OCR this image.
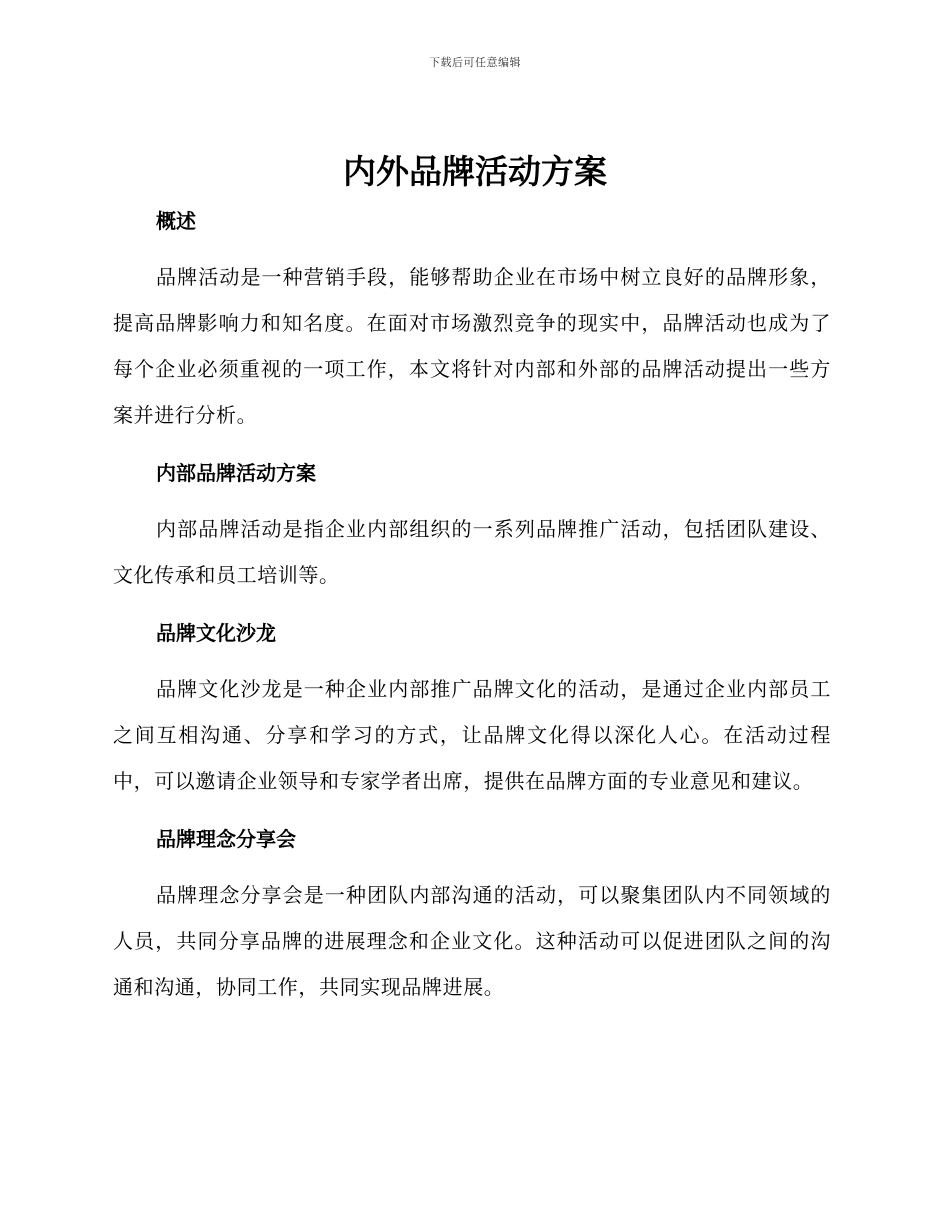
下载后可任意编辑
内外品牌活动方案
概述

品牌活动是一种营销手段，能够帮助企业在市场中树立良好的品牌形象，提高品牌影响力和知名度。在面对市场激烈竞争的现实中，品牌活动也成为了每个企业必须重视的一项工作，本文将针对内部和外部的品牌活动提出一些方案并进行分析。

内部品牌活动方案

内部品牌活动是指企业内部组织的一系列品牌推广活动，包括团队建设、文化传承和员工培训等。

品牌文化沙龙

品牌文化沙龙是一种企业内部推广品牌文化的活动，是通过企业内部员工之间互相沟通、分享和学习的方式，让品牌文化得以深化人心。在活动过程中，可以邀请企业领导和专家学者出席，提供在品牌方面的专业意见和建议。

品牌理念分享会

品牌理念分享会是一种团队内部沟通的活动，可以聚集团队内不同领域的人员，共同分享品牌的进展理念和企业文化。这种活动可以促进团队之间的沟通和沟通，协同工作，共同实现品牌进展。
